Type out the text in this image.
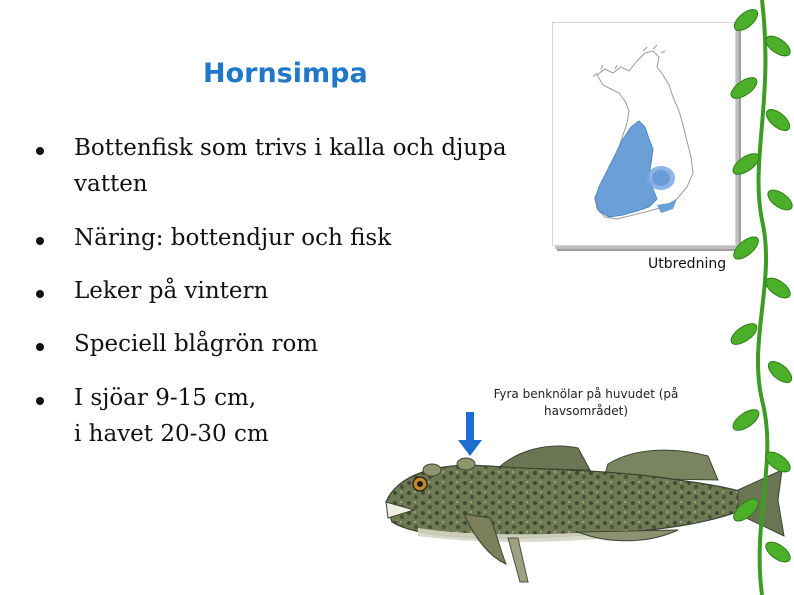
Hornsimpa
Bottenfisk som trivs i kalla och djupa vatten
Näring: bottendjur och fisk
Leker på vintern
Speciell blågrön rom
I sjöar 9-15 cm,
i havet 20-30 cm
Utbredning
Fyra benknölar på huvudet (på havsområdet)
